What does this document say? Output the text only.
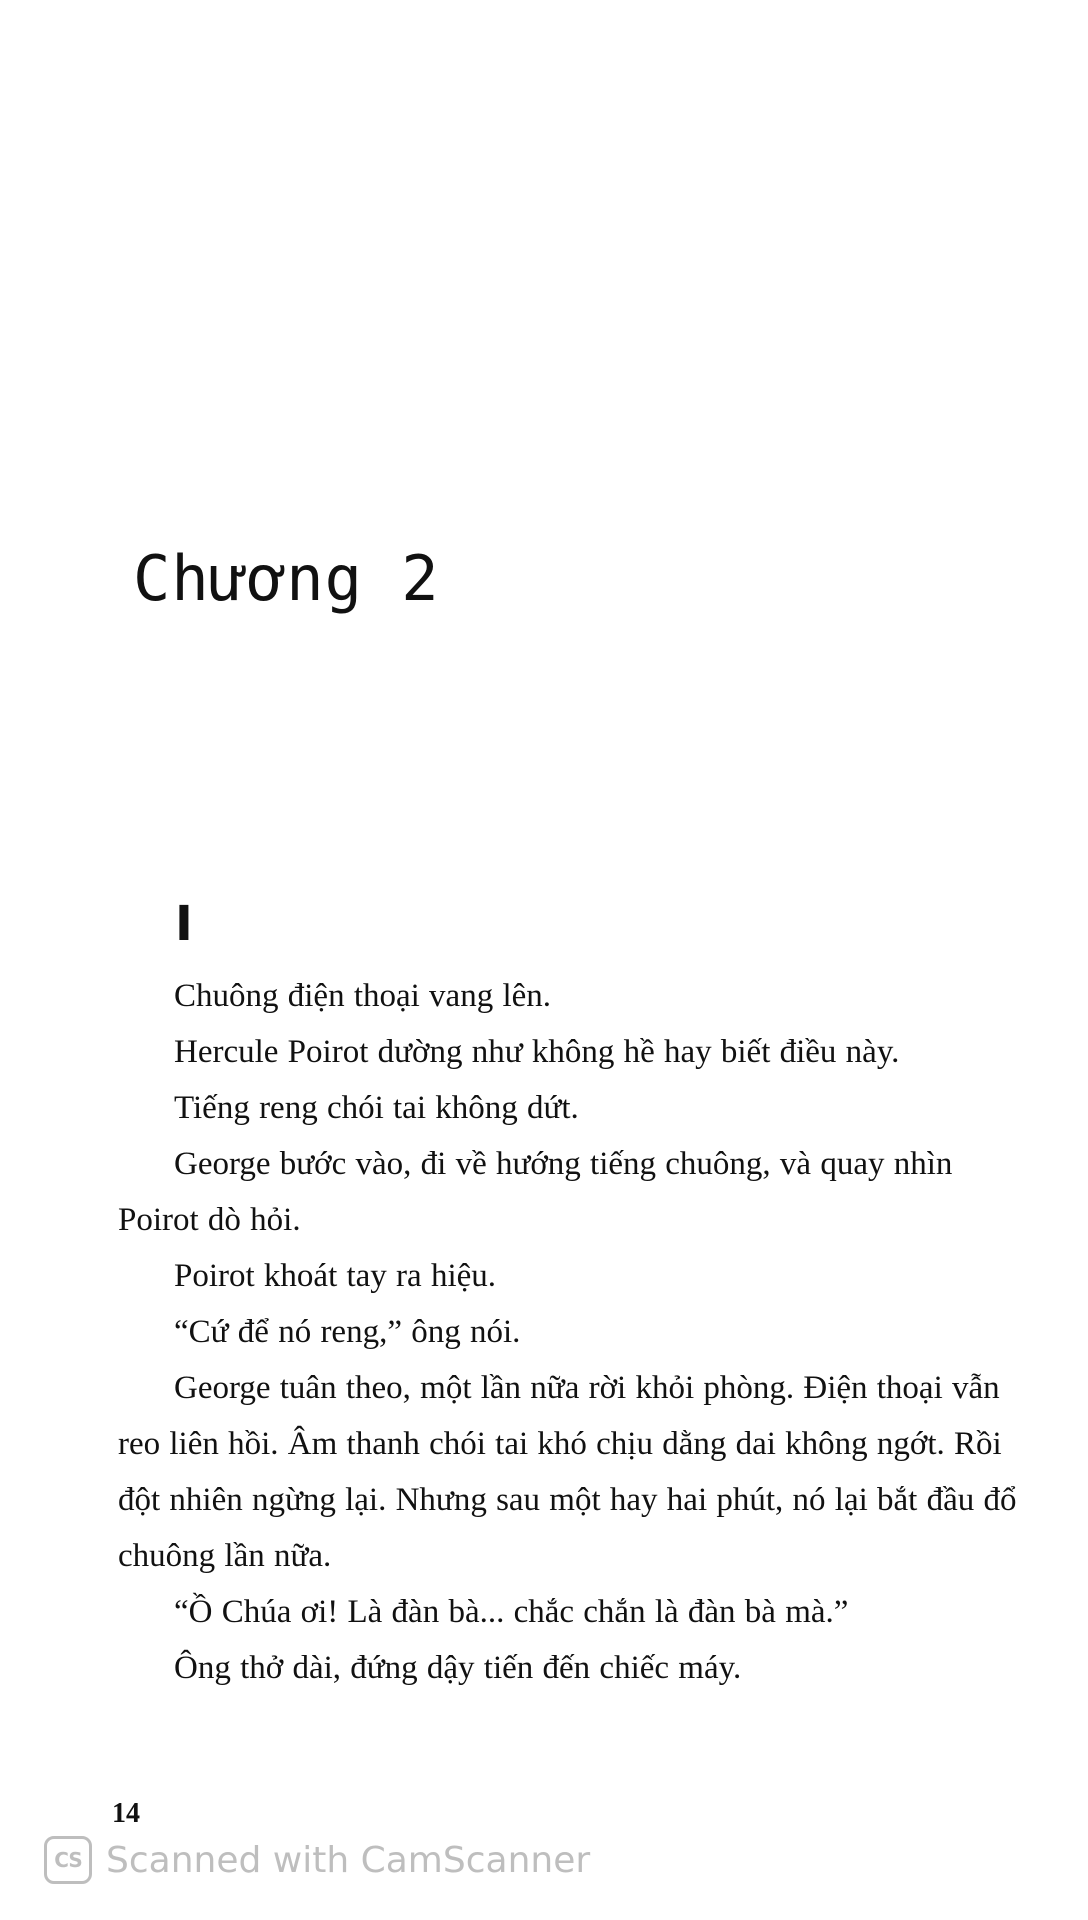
Chương 2
I

Chuông điện thoại vang lên.

Hercule Poirot dường như không hề hay biết điều này.

Tiếng reng chói tai không dứt.

George bước vào, đi về hướng tiếng chuông, và quay nhìn Poirot dò hỏi.

Poirot khoát tay ra hiệu.

“Cứ để nó reng,” ông nói.

George tuân theo, một lần nữa rời khỏi phòng. Điện thoại vẫn reo liên hồi. Âm thanh chói tai khó chịu dằng dai không ngớt. Rồi đột nhiên ngừng lại. Nhưng sau một hay hai phút, nó lại bắt đầu đổ chuông lần nữa.

“Ồ Chúa ơi! Là đàn bà... chắc chắn là đàn bà mà.”

Ông thở dài, đứng dậy tiến đến chiếc máy.

14
CS Scanned with CamScanner
